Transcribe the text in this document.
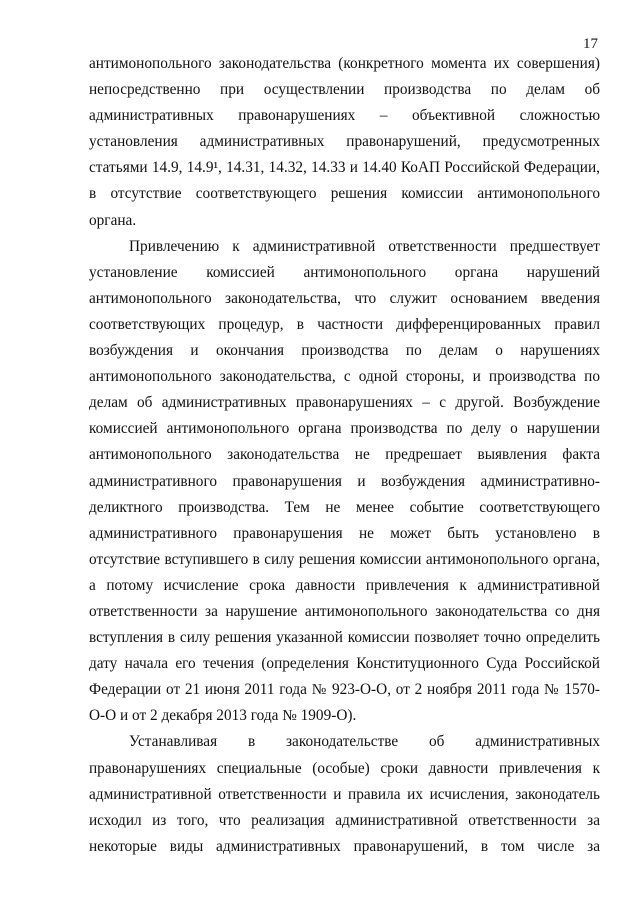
17
антимонопольного законодательства (конкретного момента их совершения)
непосредственно при осуществлении производства по делам об
административных правонарушениях – объективной сложностью
установления административных правонарушений, предусмотренных
статьями 14.9, 14.9¹, 14.31, 14.32, 14.33 и 14.40 КоАП Российской Федерации,
в отсутствие соответствующего решения комиссии антимонопольного
органа.
Привлечению к административной ответственности предшествует
установление комиссией антимонопольного органа нарушений
антимонопольного законодательства, что служит основанием введения
соответствующих процедур, в частности дифференцированных правил
возбуждения и окончания производства по делам о нарушениях
антимонопольного законодательства, с одной стороны, и производства по
делам об административных правонарушениях – с другой. Возбуждение
комиссией антимонопольного органа производства по делу о нарушении
антимонопольного законодательства не предрешает выявления факта
административного правонарушения и возбуждения административно-
деликтного производства. Тем не менее событие соответствующего
административного правонарушения не может быть установлено в
отсутствие вступившего в силу решения комиссии антимонопольного органа,
а потому исчисление срока давности привлечения к административной
ответственности за нарушение антимонопольного законодательства со дня
вступления в силу решения указанной комиссии позволяет точно определить
дату начала его течения (определения Конституционного Суда Российской
Федерации от 21 июня 2011 года № 923-О-О, от 2 ноября 2011 года № 1570-
О-О и от 2 декабря 2013 года № 1909-О).
Устанавливая в законодательстве об административных
правонарушениях специальные (особые) сроки давности привлечения к
административной ответственности и правила их исчисления, законодатель
исходил из того, что реализация административной ответственности за
некоторые виды административных правонарушений, в том числе за
